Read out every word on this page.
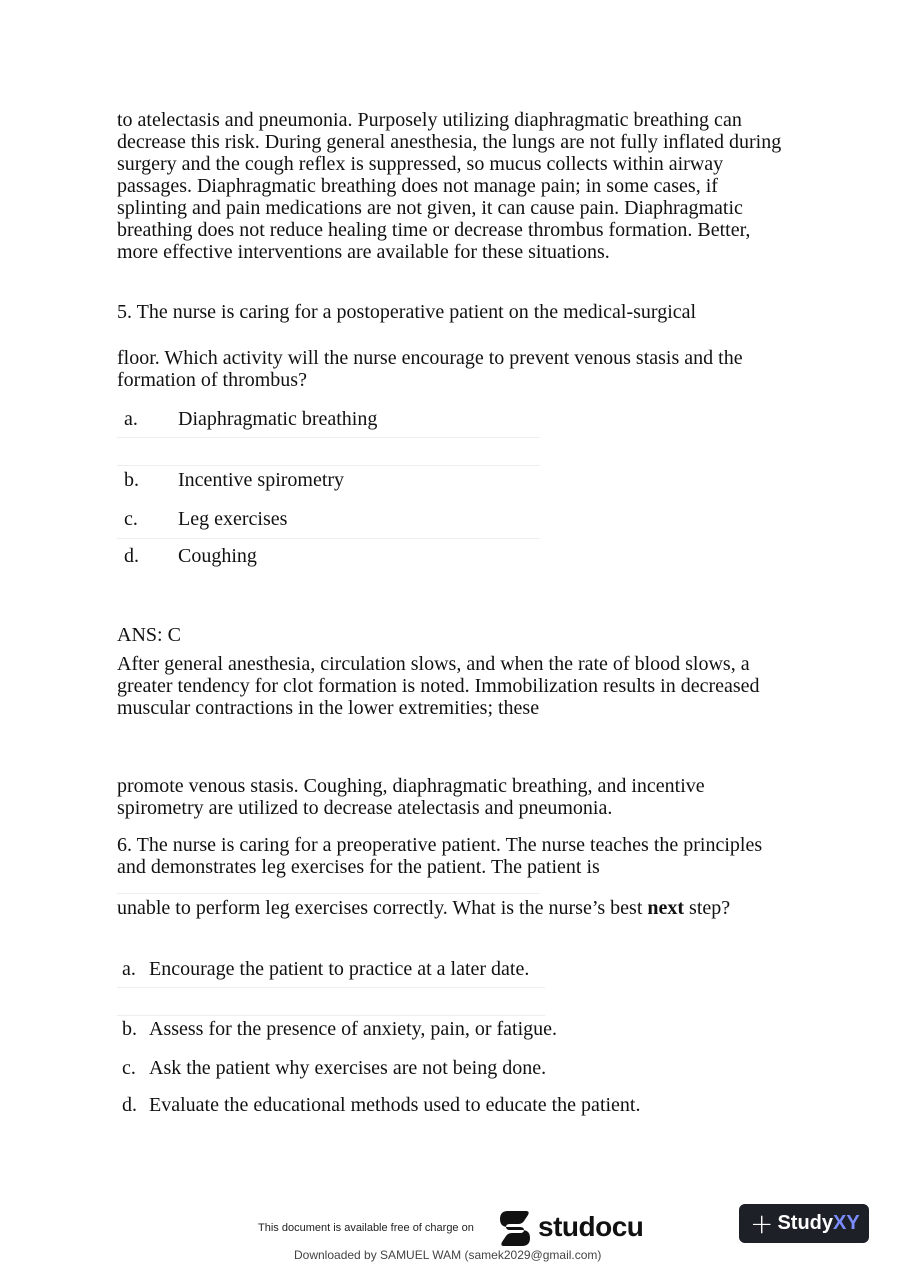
to atelectasis and pneumonia. Purposely utilizing diaphragmatic breathing can decrease this risk. During general anesthesia, the lungs are not fully inflated during surgery and the cough reflex is suppressed, so mucus collects within airway passages. Diaphragmatic breathing does not manage pain; in some cases, if splinting and pain medications are not given, it can cause pain. Diaphragmatic breathing does not reduce healing time or decrease thrombus formation. Better, more effective interventions are available for these situations.

5. The nurse is caring for a postoperative patient on the medical-surgical
floor. Which activity will the nurse encourage to prevent venous stasis and the formation of thrombus?
a. Diaphragmatic breathing
b. Incentive spirometry
c. Leg exercises
d. Coughing
ANS: C

After general anesthesia, circulation slows, and when the rate of blood slows, a greater tendency for clot formation is noted. Immobilization results in decreased muscular contractions in the lower extremities; these

promote venous stasis. Coughing, diaphragmatic breathing, and incentive spirometry are utilized to decrease atelectasis and pneumonia.

6. The nurse is caring for a preoperative patient. The nurse teaches the principles and demonstrates leg exercises for the patient. The patient is

unable to perform leg exercises correctly. What is the nurse’s best next step?

a. Encourage the patient to practice at a later date.
b. Assess for the presence of anxiety, pain, or fatigue.
c. Ask the patient why exercises are not being done.
d. Evaluate the educational methods used to educate the patient.
This document is available free of charge on studocu
Downloaded by SAMUEL WAM (samek2029@gmail.com)
+ StudyXY
